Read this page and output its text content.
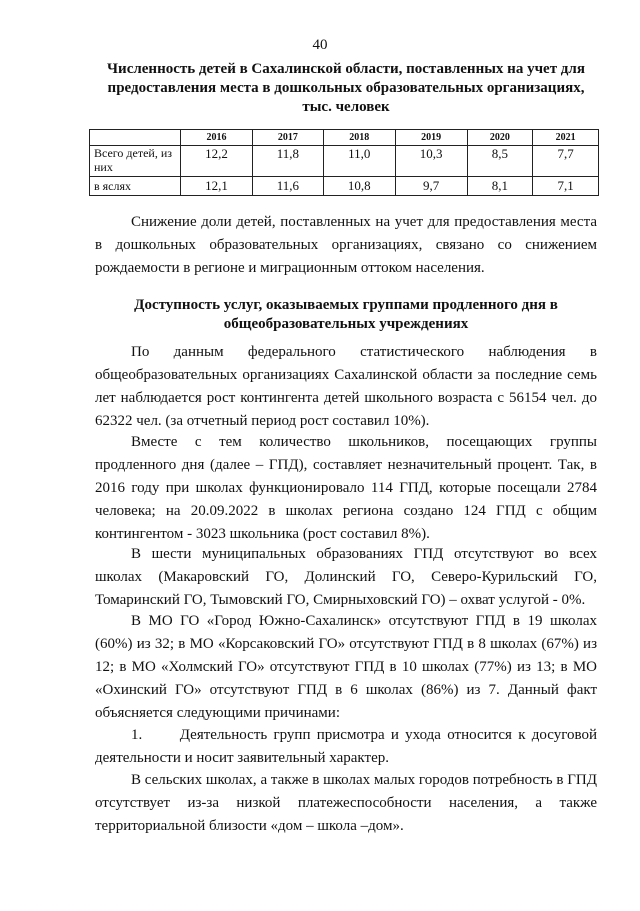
40
Численность детей в Сахалинской области, поставленных на учет для предоставления места в дошкольных образовательных организациях, тыс. человек
	2016	2017	2018	2019	2020	2021
Всего детей, из них	12,2	11,8	11,0	10,3	8,5	7,7
в яслях	12,1	11,6	10,8	9,7	8,1	7,1

Снижение доли детей, поставленных на учет для предоставления места в дошкольных образовательных организациях, связано со снижением рождаемости в регионе и миграционным оттоком населения.

Доступность услуг, оказываемых группами продленного дня в общеобразовательных учреждениях

По данным федерального статистического наблюдения в общеобразовательных организациях Сахалинской области за последние семь лет наблюдается рост контингента детей школьного возраста с 56154 чел. до 62322 чел. (за отчетный период рост составил 10%).

Вместе с тем количество школьников, посещающих группы продленного дня (далее – ГПД), составляет незначительный процент. Так, в 2016 году при школах функционировало 114 ГПД, которые посещали 2784 человека; на 20.09.2022 в школах региона создано 124 ГПД с общим контингентом - 3023 школьника (рост составил 8%).

В шести муниципальных образованиях ГПД отсутствуют во всех школах (Макаровский ГО, Долинский ГО, Северо-Курильский ГО, Томаринский ГО, Тымовский ГО, Смирныховский ГО) – охват услугой - 0%.

В МО ГО «Город Южно-Сахалинск» отсутствуют ГПД в 19 школах (60%) из 32; в МО «Корсаковский ГО» отсутствуют ГПД в 8 школах (67%) из 12; в МО «Холмский ГО» отсутствуют ГПД в 10 школах (77%) из 13; в МО «Охинский ГО» отсутствуют ГПД в 6 школах (86%) из 7. Данный факт объясняется следующими причинами:

1.	Деятельность групп присмотра и ухода относится к досуговой деятельности и носит заявительный характер.

В сельских школах, а также в школах малых городов потребность в ГПД отсутствует из-за низкой платежеспособности населения, а также территориальной близости «дом – школа –дом».
